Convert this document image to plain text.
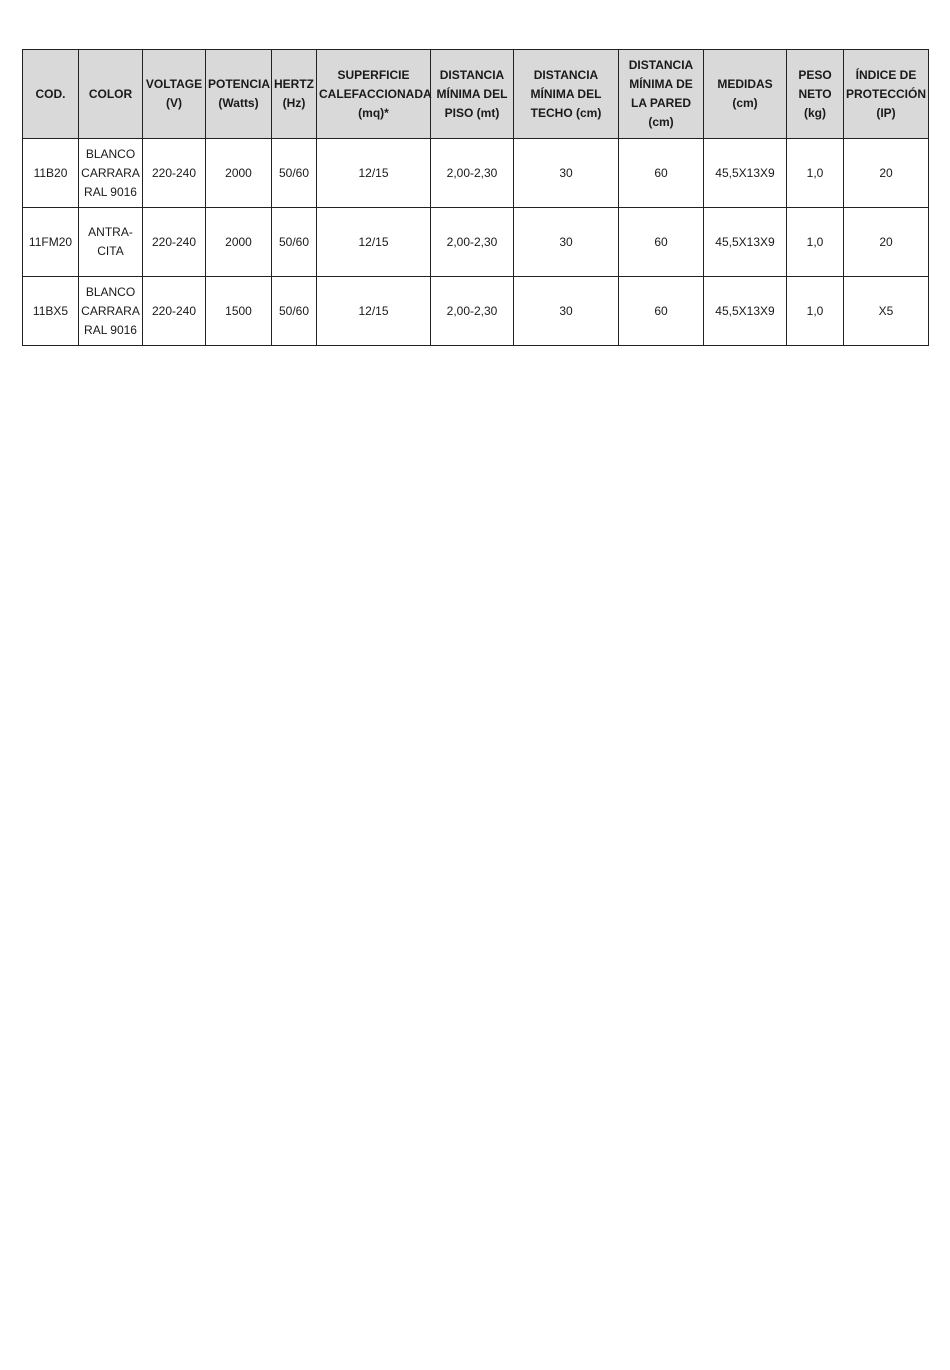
COD.	COLOR	VOLTAGE
(V)	POTENCIA
(Watts)	HERTZ
(Hz)	SUPERFICIE
CALEFACCIONADA
(mq)*	DISTANCIA
MÍNIMA DEL
PISO (mt)	DISTANCIA
MÍNIMA DEL
TECHO (cm)	DISTANCIA
MÍNIMA DE
LA PARED
(cm)	MEDIDAS
(cm)	PESO
NETO
(kg)	ÍNDICE DE
PROTECCIÓN
(IP)
11B20	BLANCO
CARRARA
RAL 9016	220-240	2000	50/60	12/15	2,00-2,30	30	60	45,5X13X9	1,0	20
11FM20	ANTRA-
CITA	220-240	2000	50/60	12/15	2,00-2,30	30	60	45,5X13X9	1,0	20
11BX5	BLANCO
CARRARA
RAL 9016	220-240	1500	50/60	12/15	2,00-2,30	30	60	45,5X13X9	1,0	X5
